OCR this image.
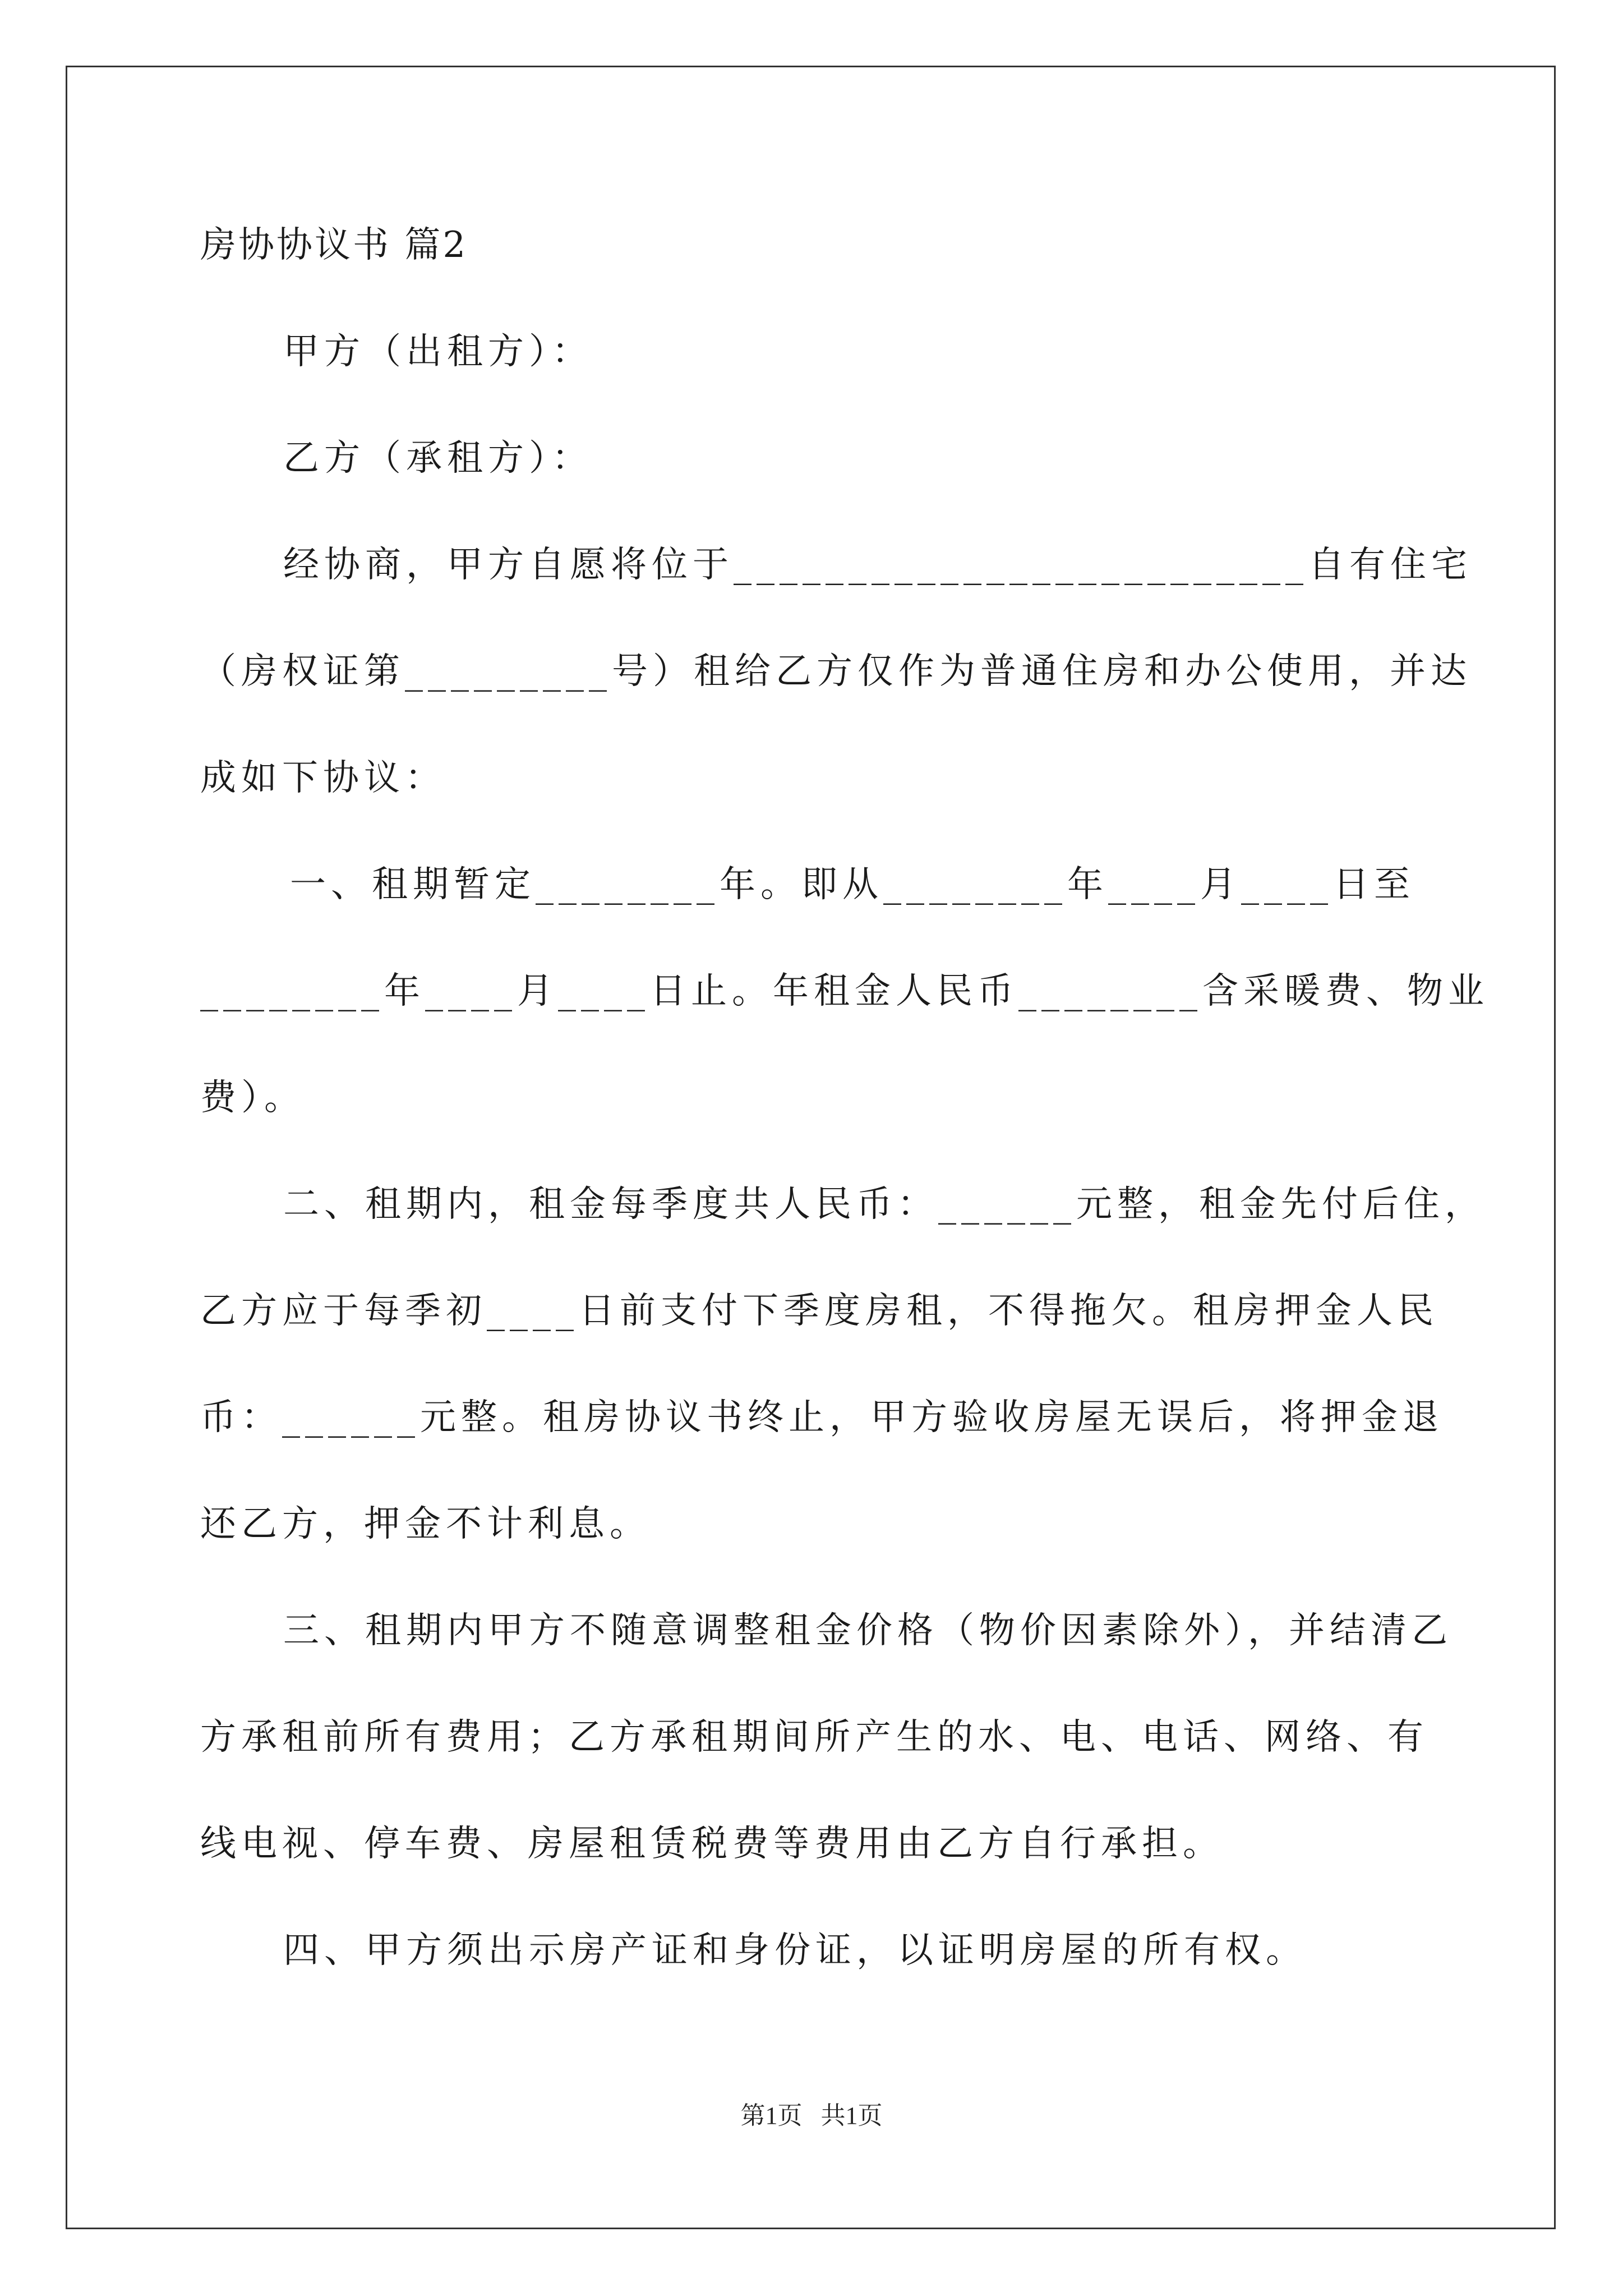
房协协议书 篇2
甲方（出租方）：
乙方（承租方）：
经协商，甲方自愿将位于_________________________自有住宅
（房权证第_________号）租给乙方仅作为普通住房和办公使用，并达
成如下协议：
一、租期暂定________年。即从________年____月____日至
________年____月____日止。年租金人民币________含采暖费、物业
费）。
二、租期内，租金每季度共人民币：______元整，租金先付后住，
乙方应于每季初____日前支付下季度房租，不得拖欠。租房押金人民
币：______元整。租房协议书终止，甲方验收房屋无误后，将押金退
还乙方，押金不计利息。
三、租期内甲方不随意调整租金价格（物价因素除外），并结清乙
方承租前所有费用；乙方承租期间所产生的水、电、电话、网络、有
线电视、停车费、房屋租赁税费等费用由乙方自行承担。
四、甲方须出示房产证和身份证，以证明房屋的所有权。
第1页   共1页
